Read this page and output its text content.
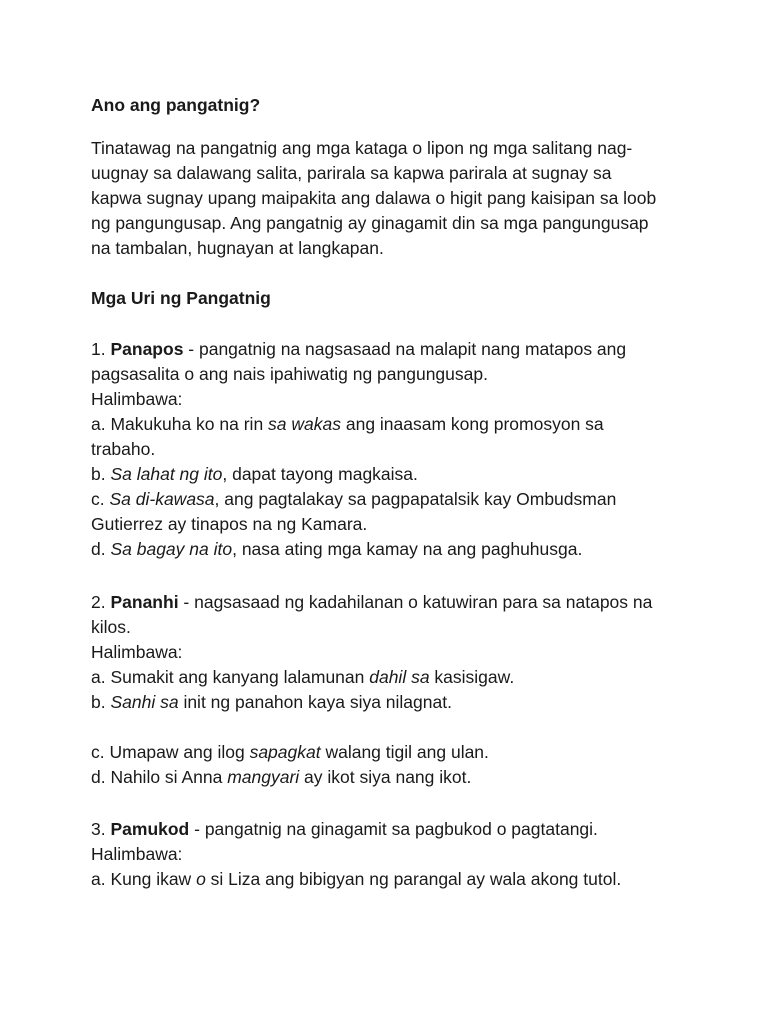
Ano ang pangatnig?
Tinatawag na pangatnig ang mga kataga o lipon ng mga salitang nag-
uugnay sa dalawang salita, parirala sa kapwa parirala at sugnay sa
kapwa sugnay upang maipakita ang dalawa o higit pang kaisipan sa loob
ng pangungusap. Ang pangatnig ay ginagamit din sa mga pangungusap
na tambalan, hugnayan at langkapan.
Mga Uri ng Pangatnig
1. Panapos - pangatnig na nagsasaad na malapit nang matapos ang
pagsasalita o ang nais ipahiwatig ng pangungusap.
Halimbawa:
a. Makukuha ko na rin sa wakas ang inaasam kong promosyon sa
trabaho.
b. Sa lahat ng ito, dapat tayong magkaisa.
c. Sa di-kawasa, ang pagtalakay sa pagpapatalsik kay Ombudsman
Gutierrez ay tinapos na ng Kamara.
d. Sa bagay na ito, nasa ating mga kamay na ang paghuhusga.
2. Pananhi - nagsasaad ng kadahilanan o katuwiran para sa natapos na
kilos.
Halimbawa:
a. Sumakit ang kanyang lalamunan dahil sa kasisigaw.
b. Sanhi sa init ng panahon kaya siya nilagnat.
c. Umapaw ang ilog sapagkat walang tigil ang ulan.
d. Nahilo si Anna mangyari ay ikot siya nang ikot.
3. Pamukod - pangatnig na ginagamit sa pagbukod o pagtatangi.
Halimbawa:
a. Kung ikaw o si Liza ang bibigyan ng parangal ay wala akong tutol.
